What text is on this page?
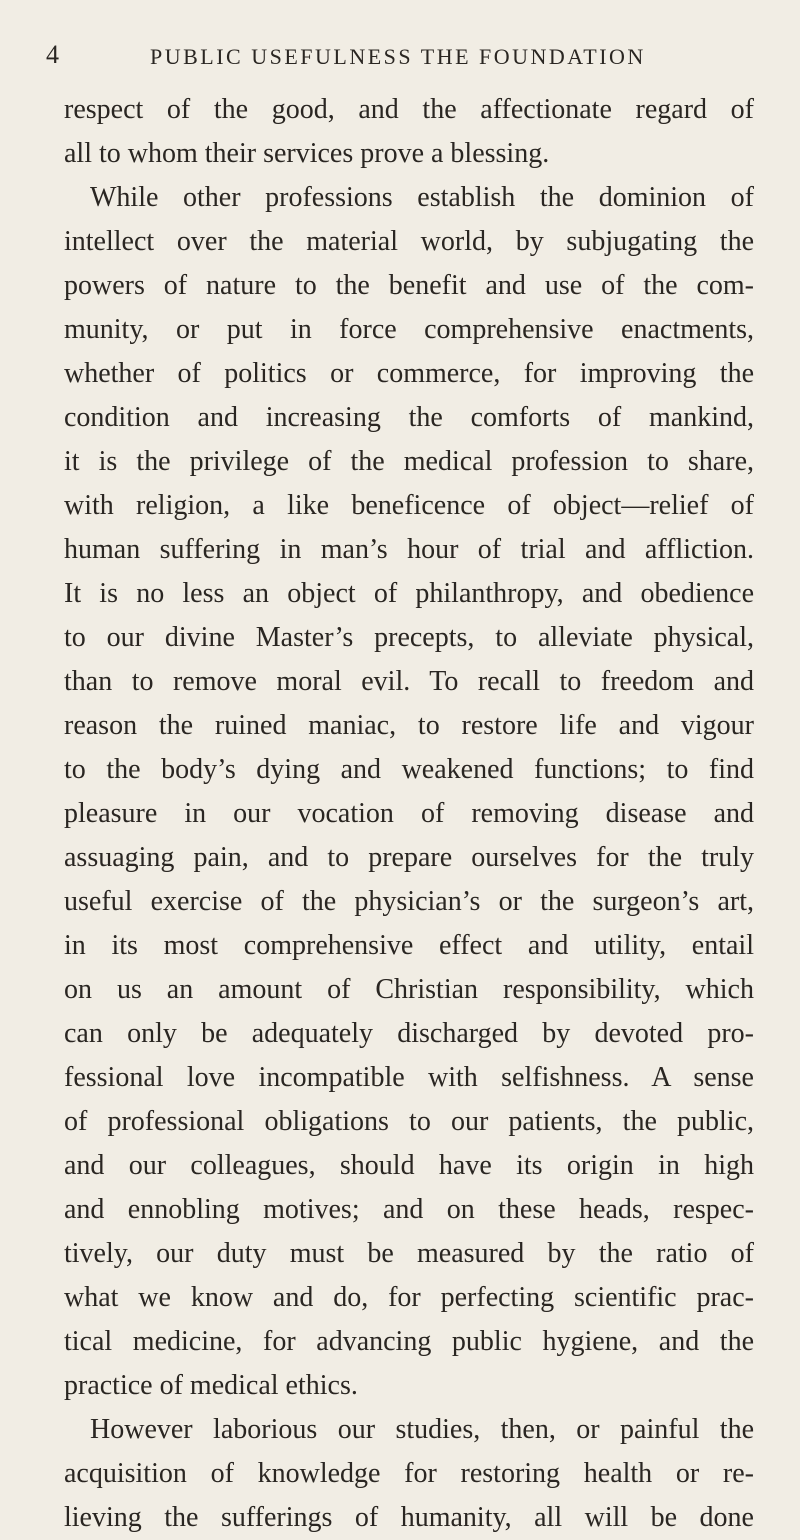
4	PUBLIC USEFULNESS THE FOUNDATION
respect of the good, and the affectionate regard of
all to whom their services prove a blessing.
While other professions establish the dominion of
intellect over the material world, by subjugating the
powers of nature to the benefit and use of the com-
munity, or put in force comprehensive enactments,
whether of politics or commerce, for improving the
condition and increasing the comforts of mankind,
it is the privilege of the medical profession to share,
with religion, a like beneficence of object—relief of
human suffering in man’s hour of trial and affliction.
It is no less an object of philanthropy, and obedience
to our divine Master’s precepts, to alleviate physical,
than to remove moral evil. To recall to freedom and
reason the ruined maniac, to restore life and vigour
to the body’s dying and weakened functions; to find
pleasure in our vocation of removing disease and
assuaging pain, and to prepare ourselves for the truly
useful exercise of the physician’s or the surgeon’s art,
in its most comprehensive effect and utility, entail
on us an amount of Christian responsibility, which
can only be adequately discharged by devoted pro-
fessional love incompatible with selfishness. A sense
of professional obligations to our patients, the public,
and our colleagues, should have its origin in high
and ennobling motives; and on these heads, respec-
tively, our duty must be measured by the ratio of
what we know and do, for perfecting scientific prac-
tical medicine, for advancing public hygiene, and the
practice of medical ethics.
However laborious our studies, then, or painful the
acquisition of knowledge for restoring health or re-
lieving the sufferings of humanity, all will be done
